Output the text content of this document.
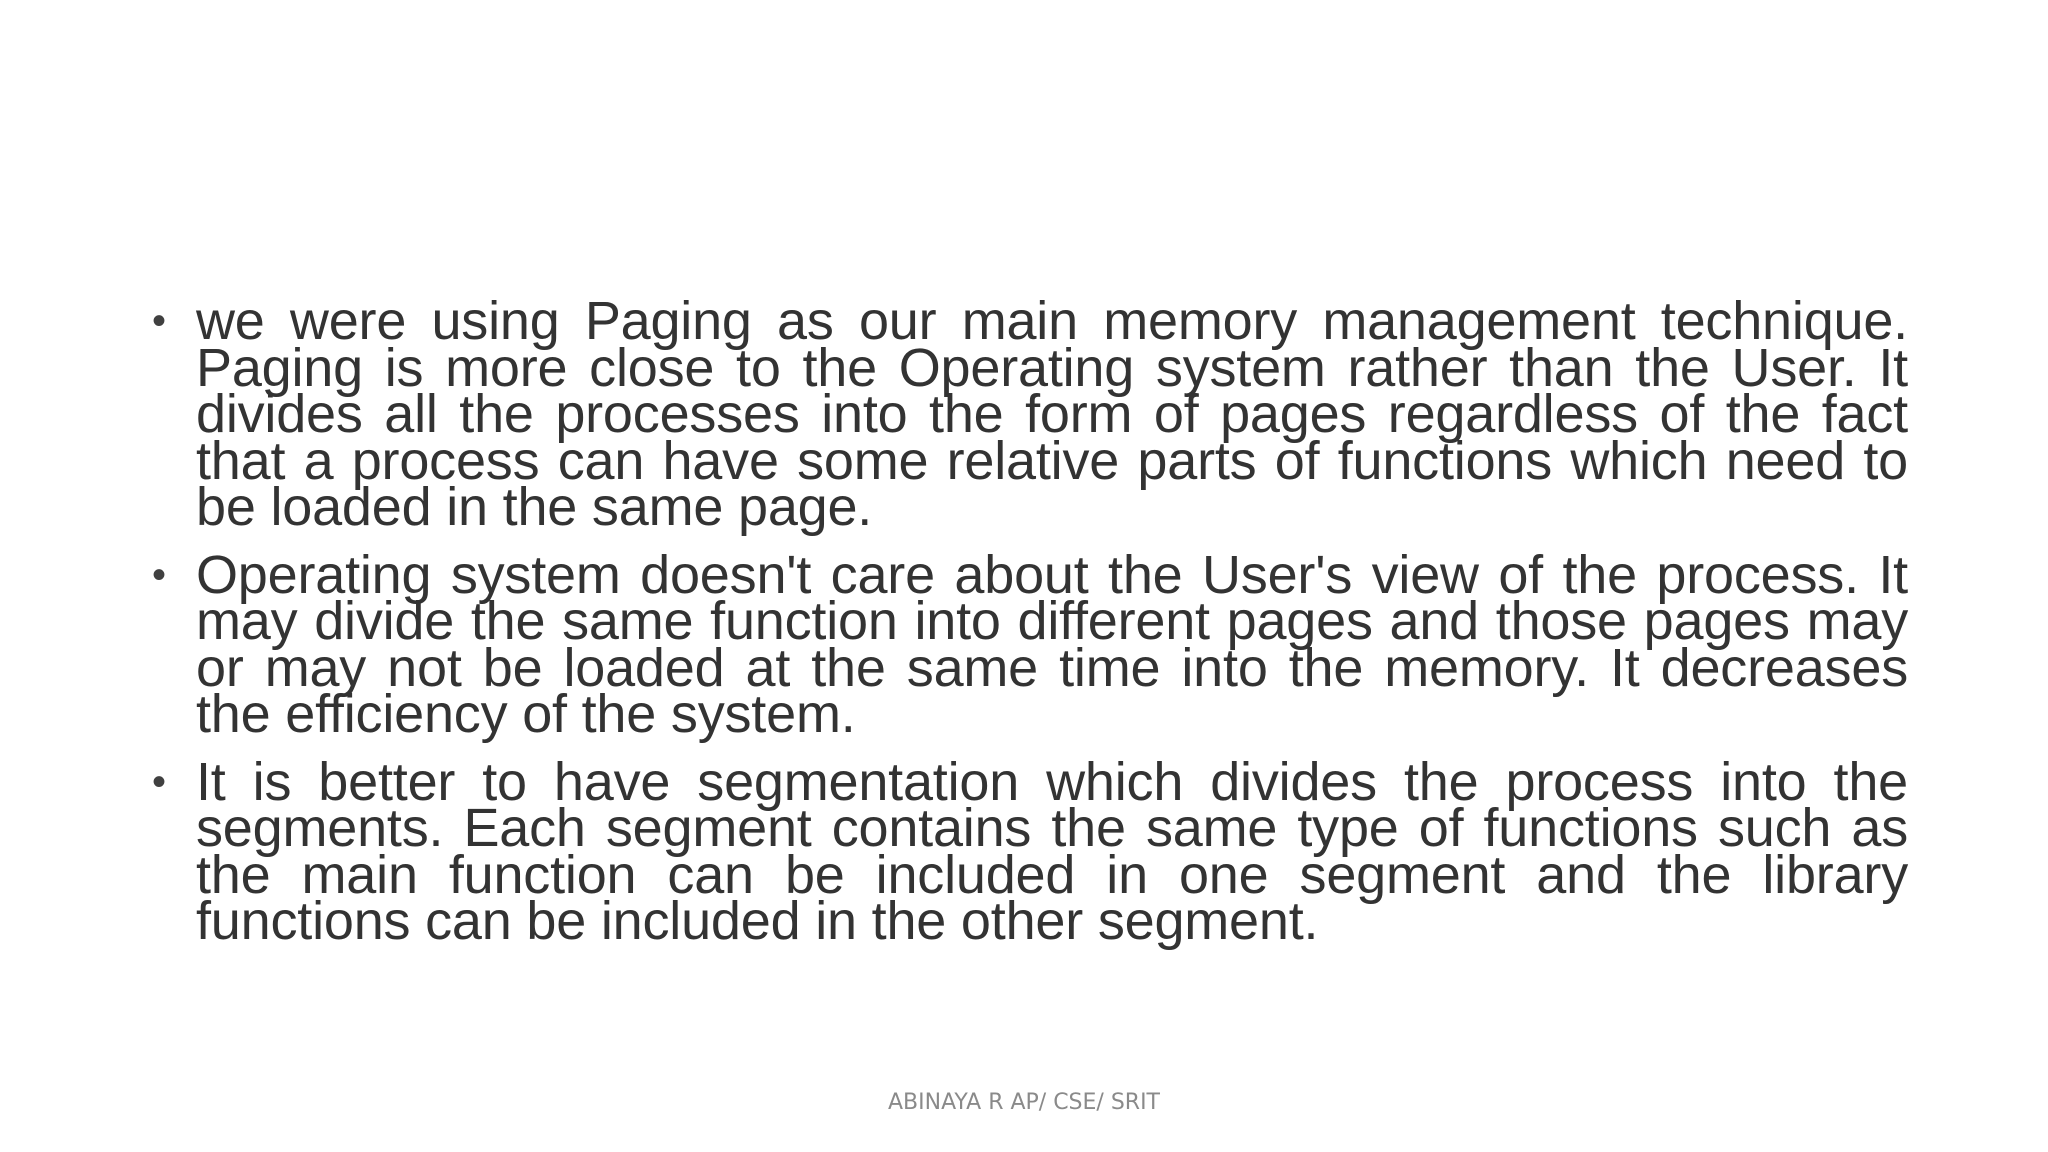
• we were using Paging as our main memory management technique. Paging is more close to the Operating system rather than the User. It divides all the processes into the form of pages regardless of the fact that a process can have some relative parts of functions which need to be loaded in the same page.
• Operating system doesn't care about the User's view of the process. It may divide the same function into different pages and those pages may or may not be loaded at the same time into the memory. It decreases the efficiency of the system.
• It is better to have segmentation which divides the process into the segments. Each segment contains the same type of functions such as the main function can be included in one segment and the library functions can be included in the other segment.
ABINAYA R AP/ CSE/ SRIT
